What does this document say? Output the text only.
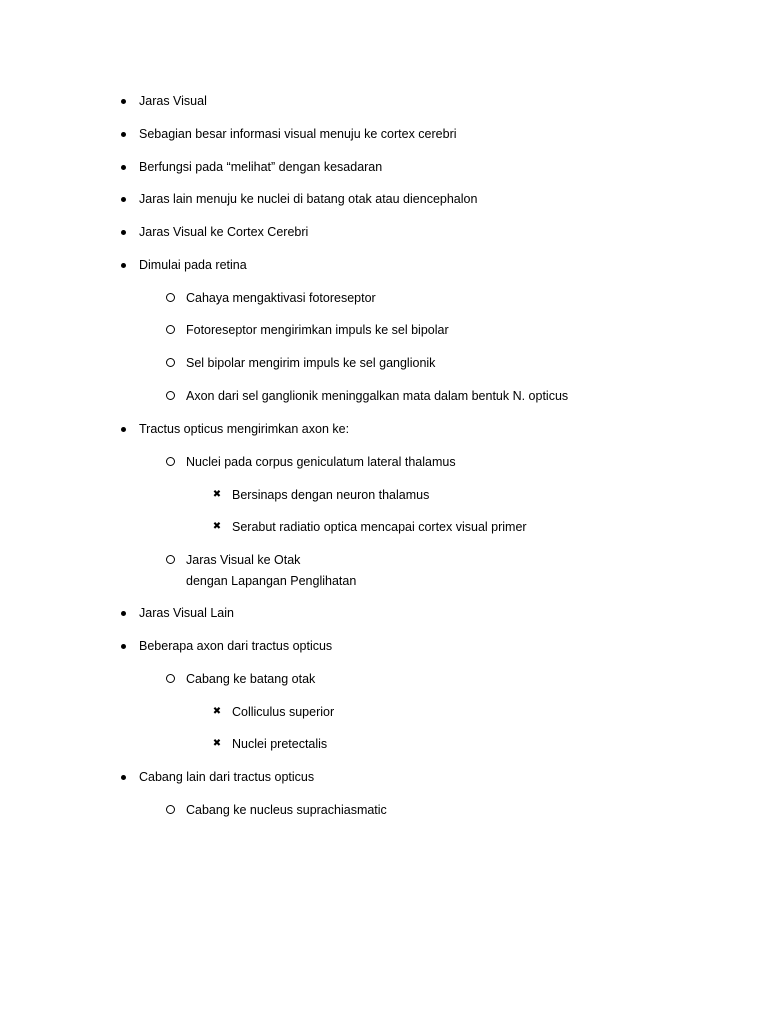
Jaras Visual
Sebagian besar informasi visual menuju ke cortex cerebri
Berfungsi pada “melihat” dengan kesadaran
Jaras lain menuju ke nuclei di batang otak atau diencephalon
Jaras Visual ke Cortex Cerebri
Dimulai pada retina
Cahaya mengaktivasi fotoreseptor
Fotoreseptor mengirimkan impuls ke sel bipolar
Sel bipolar mengirim impuls ke sel ganglionik
Axon dari sel ganglionik meninggalkan mata dalam bentuk N. opticus
Tractus opticus mengirimkan axon ke:
Nuclei pada corpus geniculatum lateral thalamus
✖ Bersinaps dengan neuron thalamus
✖ Serabut radiatio optica mencapai cortex visual primer
Jaras Visual ke Otak
dengan Lapangan Penglihatan
Jaras Visual Lain
Beberapa axon dari tractus opticus
Cabang ke batang otak
✖ Colliculus superior
✖ Nuclei pretectalis
Cabang lain dari tractus opticus
Cabang ke nucleus suprachiasmatic
